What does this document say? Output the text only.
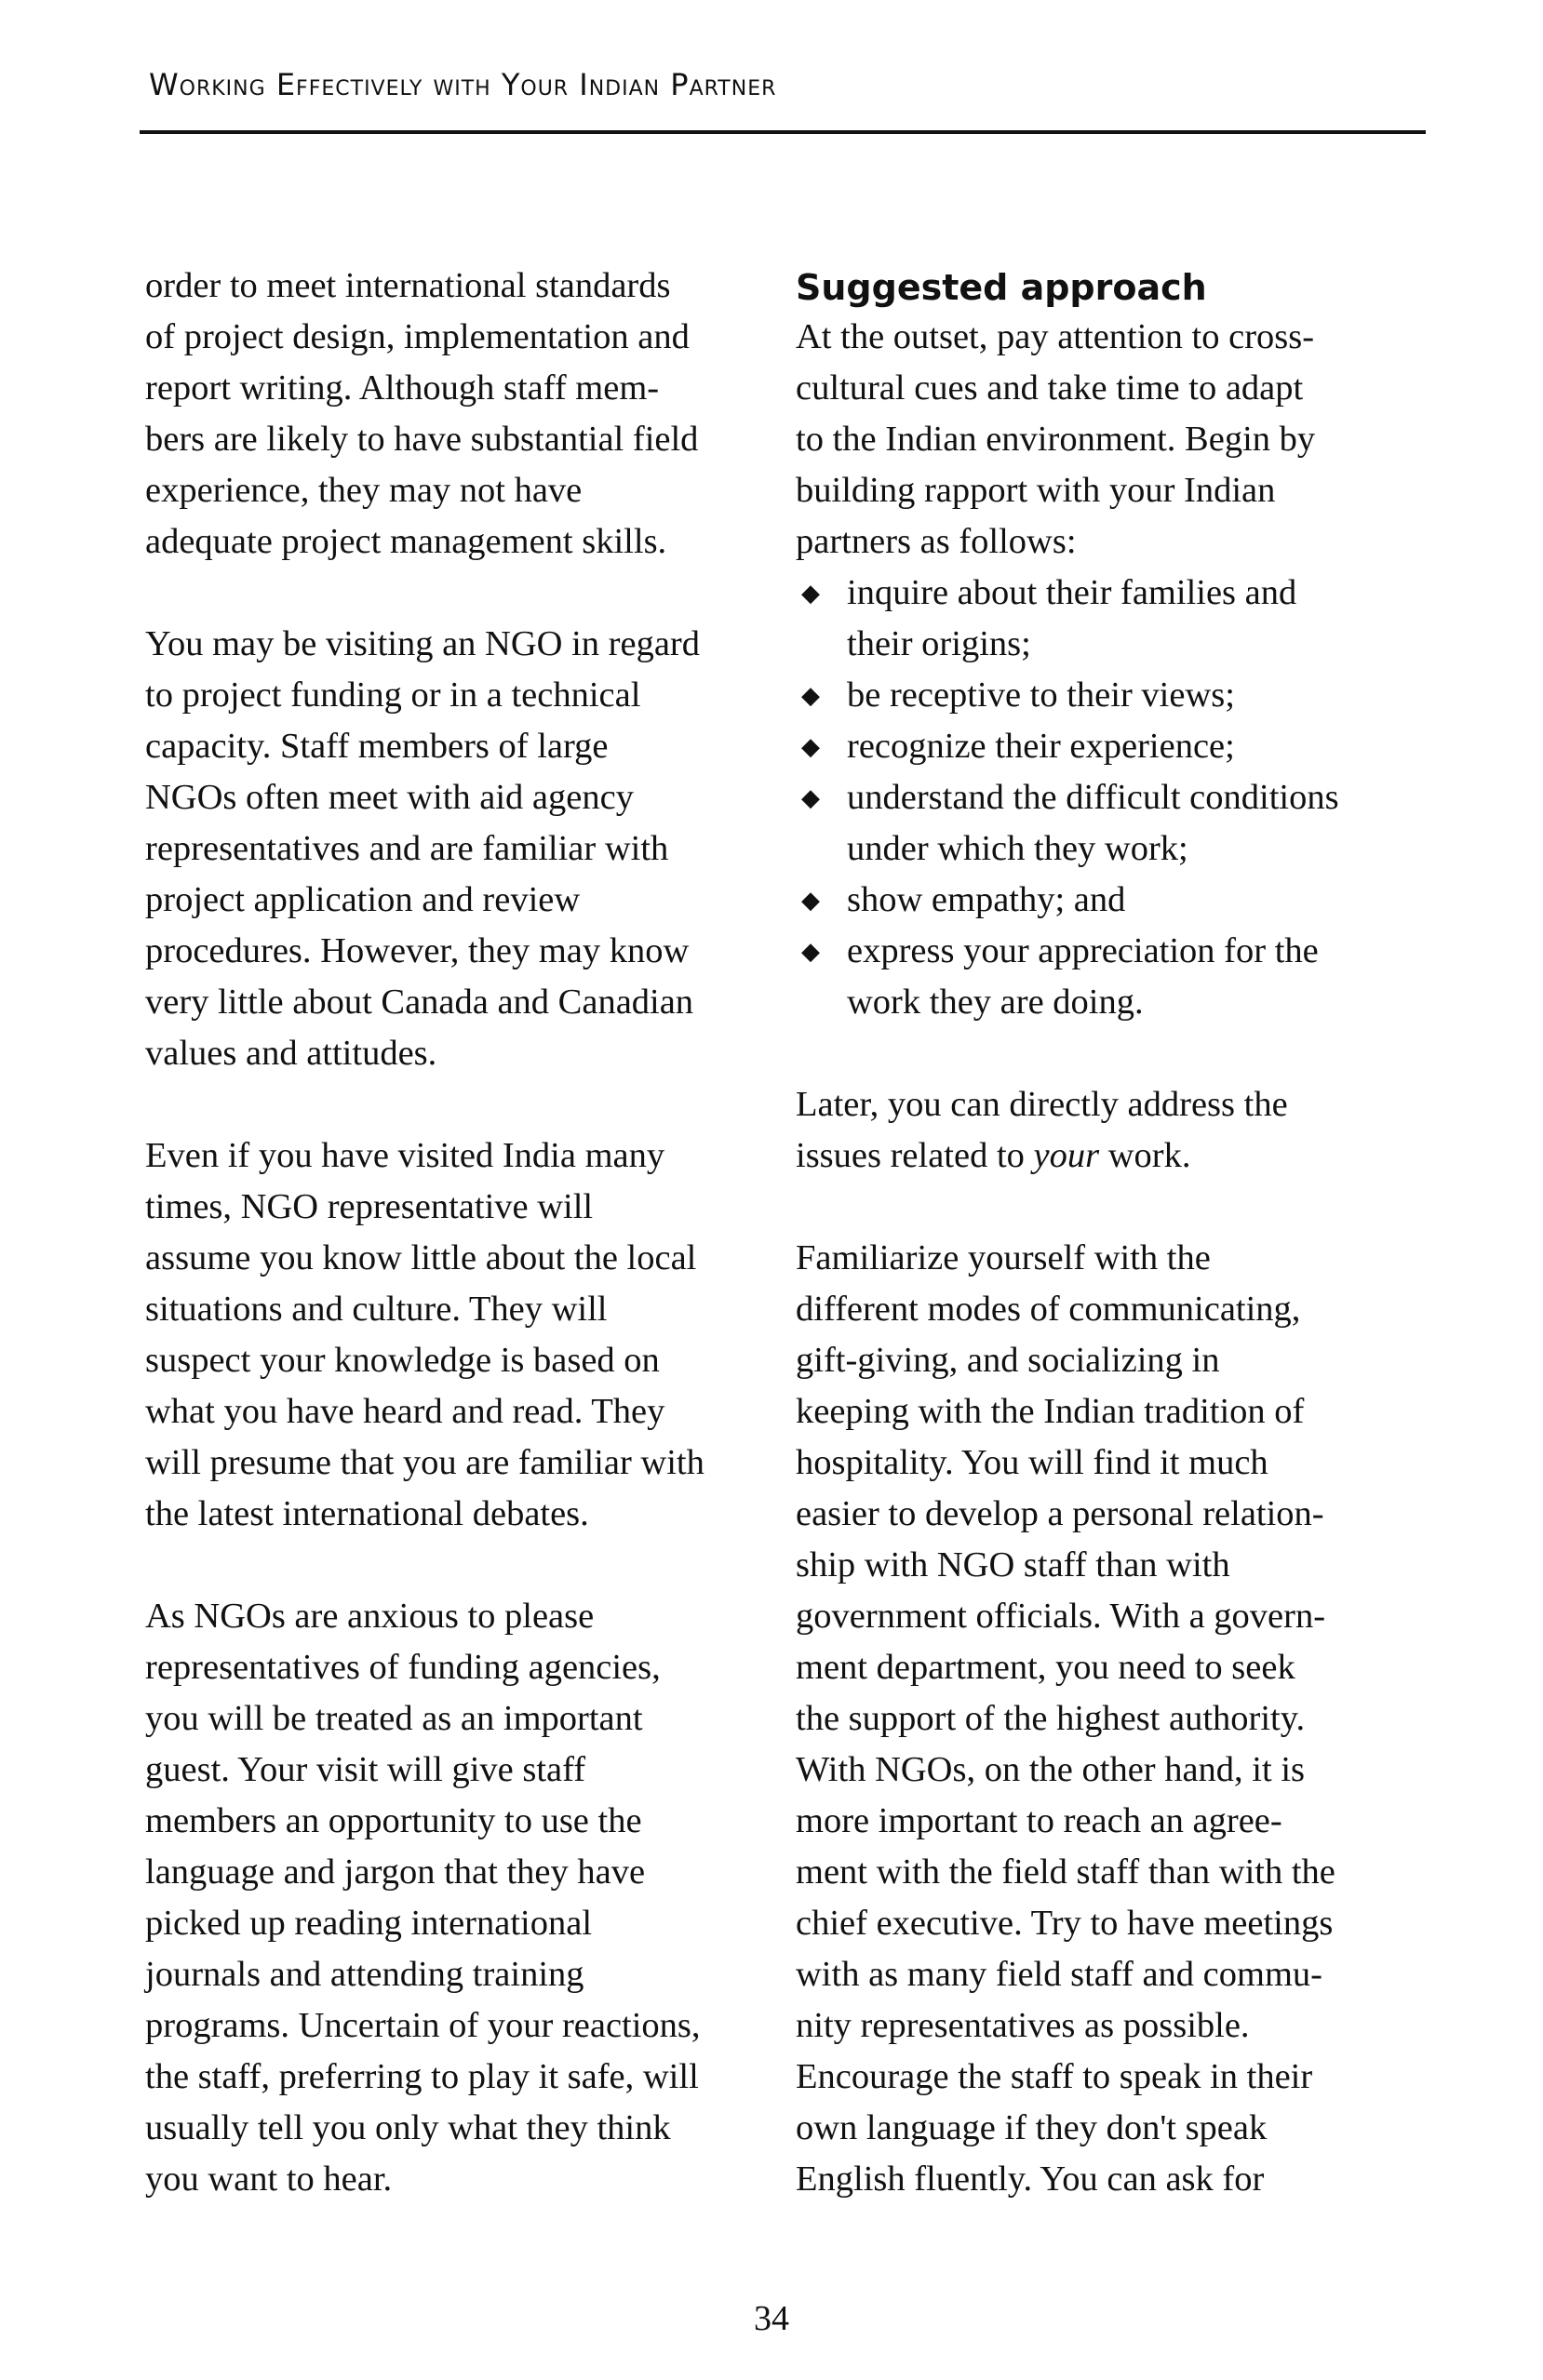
Working Effectively with Your Indian Partner
order to meet international standards
of project design, implementation and
report writing. Although staff mem-
bers are likely to have substantial field
experience, they may not have
adequate project management skills.
You may be visiting an NGO in regard
to project funding or in a technical
capacity. Staff members of large
NGOs often meet with aid agency
representatives and are familiar with
project application and review
procedures. However, they may know
very little about Canada and Canadian
values and attitudes.
Even if you have visited India many
times, NGO representative will
assume you know little about the local
situations and culture. They will
suspect your knowledge is based on
what you have heard and read. They
will presume that you are familiar with
the latest international debates.
As NGOs are anxious to please
representatives of funding agencies,
you will be treated as an important
guest. Your visit will give staff
members an opportunity to use the
language and jargon that they have
picked up reading international
journals and attending training
programs. Uncertain of your reactions,
the staff, preferring to play it safe, will
usually tell you only what they think
you want to hear.
Suggested approach
At the outset, pay attention to cross-
cultural cues and take time to adapt
to the Indian environment. Begin by
building rapport with your Indian
partners as follows:
◆ inquire about their families and
their origins;
◆ be receptive to their views;
◆ recognize their experience;
◆ understand the difficult conditions
under which they work;
◆ show empathy; and
◆ express your appreciation for the
work they are doing.
Later, you can directly address the
issues related to your work.
Familiarize yourself with the
different modes of communicating,
gift-giving, and socializing in
keeping with the Indian tradition of
hospitality. You will find it much
easier to develop a personal relation-
ship with NGO staff than with
government officials. With a govern-
ment department, you need to seek
the support of the highest authority.
With NGOs, on the other hand, it is
more important to reach an agree-
ment with the field staff than with the
chief executive. Try to have meetings
with as many field staff and commu-
nity representatives as possible.
Encourage the staff to speak in their
own language if they don't speak
English fluently. You can ask for
34
